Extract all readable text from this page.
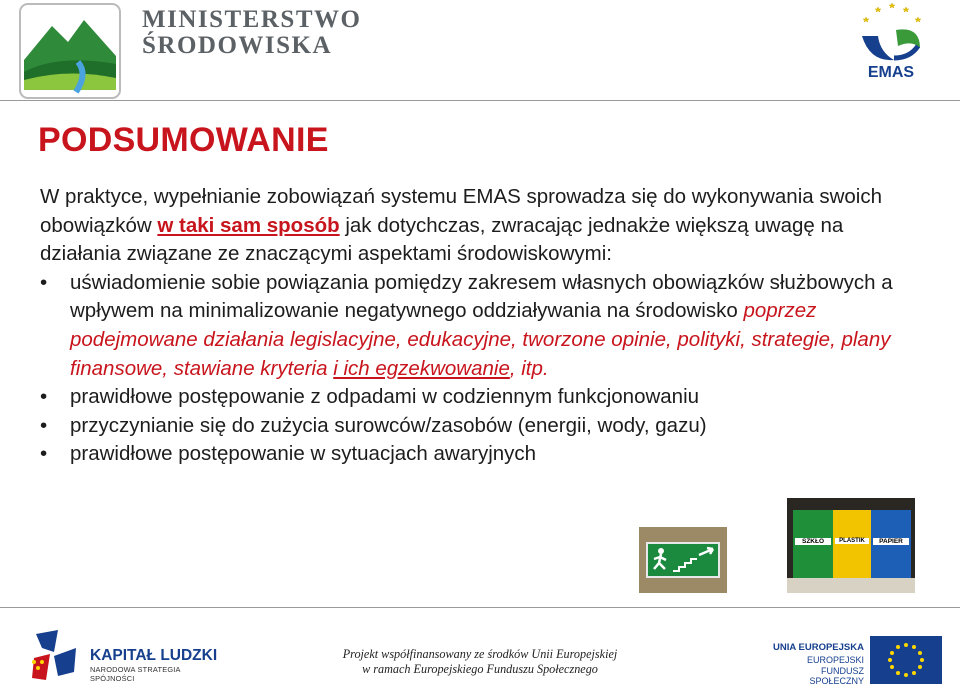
MINISTERSTWO
ŚRODOWISKA
EMAS
PODSUMOWANIE

W praktyce, wypełnianie zobowiązań systemu EMAS sprowadza się do wykonywania swoich obowiązków w taki sam sposób jak dotychczas, zwracając jednakże większą uwagę na działania związane ze znaczącymi aspektami środowiskowymi:

• uświadomienie sobie powiązania pomiędzy zakresem własnych obowiązków służbowych a wpływem na minimalizowanie negatywnego oddziaływania na środowisko poprzez podejmowane działania legislacyjne, edukacyjne, tworzone opinie, polityki, strategie, plany finansowe, stawiane kryteria i ich egzekwowanie, itp.
• prawidłowe postępowanie z odpadami w codziennym funkcjonowaniu
• przyczynianie się do zużycia surowców/zasobów (energii, wody, gazu)
• prawidłowe postępowanie w sytuacjach awaryjnych
SZKŁO	PLASTIK	PAPIER
KAPITAŁ LUDZKI
NARODOWA STRATEGIA SPÓJNOŚCI
Projekt współfinansowany ze środków Unii Europejskiej
w ramach Europejskiego Funduszu Społecznego
UNIA EUROPEJSKA
EUROPEJSKI
FUNDUSZ SPOŁECZNY
